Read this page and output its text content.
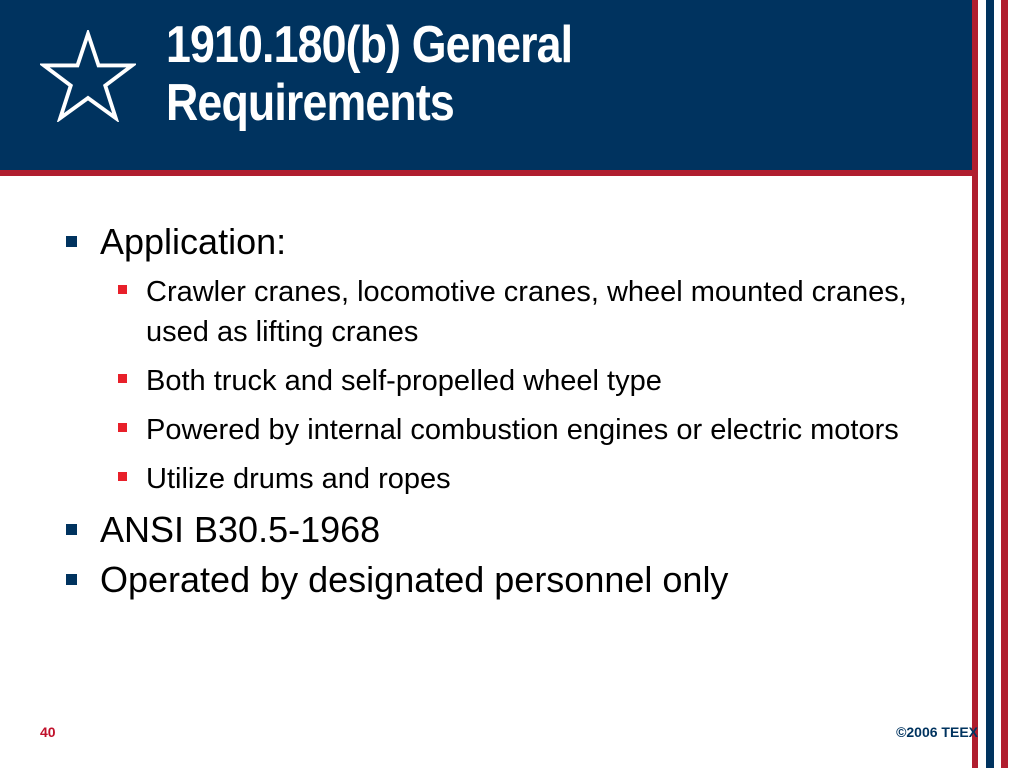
1910.180(b) General
Requirements
Application:
Crawler cranes, locomotive cranes, wheel mounted cranes, used as lifting cranes
Both truck and self-propelled wheel type
Powered by internal combustion engines or electric motors
Utilize drums and ropes
ANSI B30.5-1968
Operated by designated personnel only
40	©2006 TEEX
